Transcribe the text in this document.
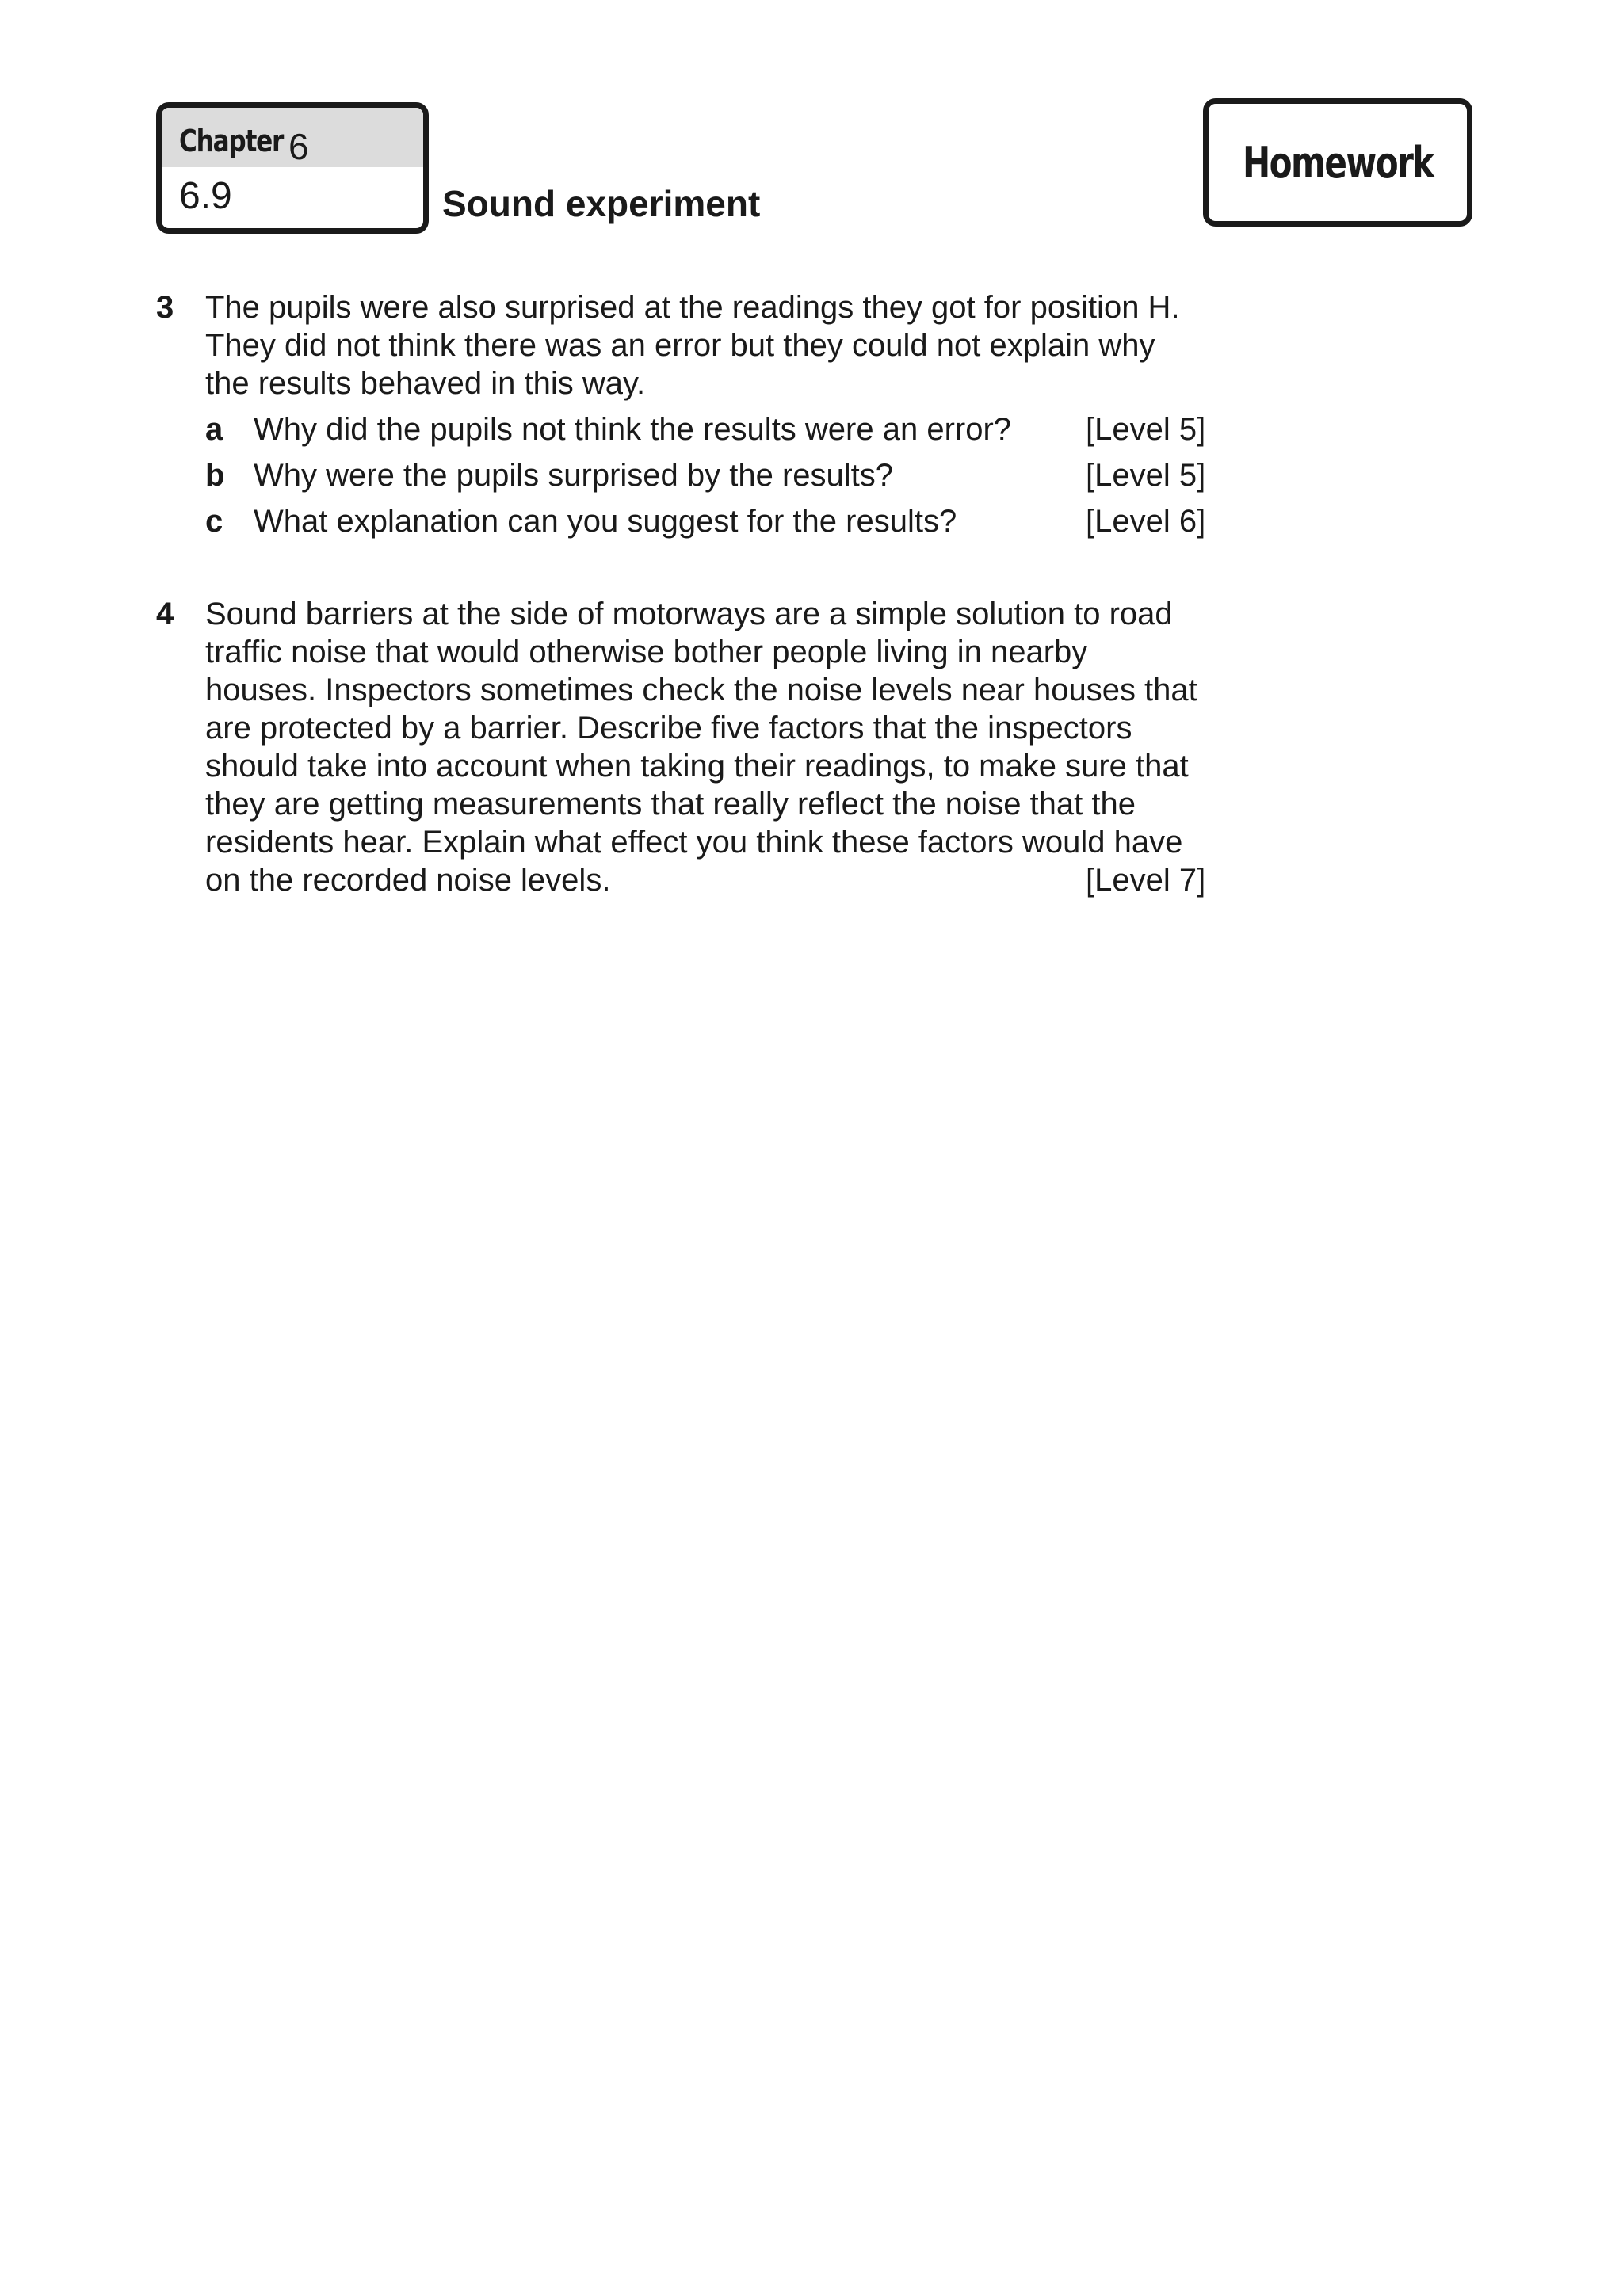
Chapter 6
6.9	Sound experiment
Homework
3 The pupils were also surprised at the readings they got for position H.
They did not think there was an error but they could not explain why
the results behaved in this way.
a Why did the pupils not think the results were an error? [Level 5]
b Why were the pupils surprised by the results?	[Level 5]
c What explanation can you suggest for the results?	[Level 6]
4 Sound barriers at the side of motorways are a simple solution to road
traffic noise that would otherwise bother people living in nearby
houses. Inspectors sometimes check the noise levels near houses that
are protected by a barrier. Describe five factors that the inspectors
should take into account when taking their readings, to make sure that
they are getting measurements that really reflect the noise that the
residents hear. Explain what effect you think these factors would have
on the recorded noise levels.	[Level 7]
